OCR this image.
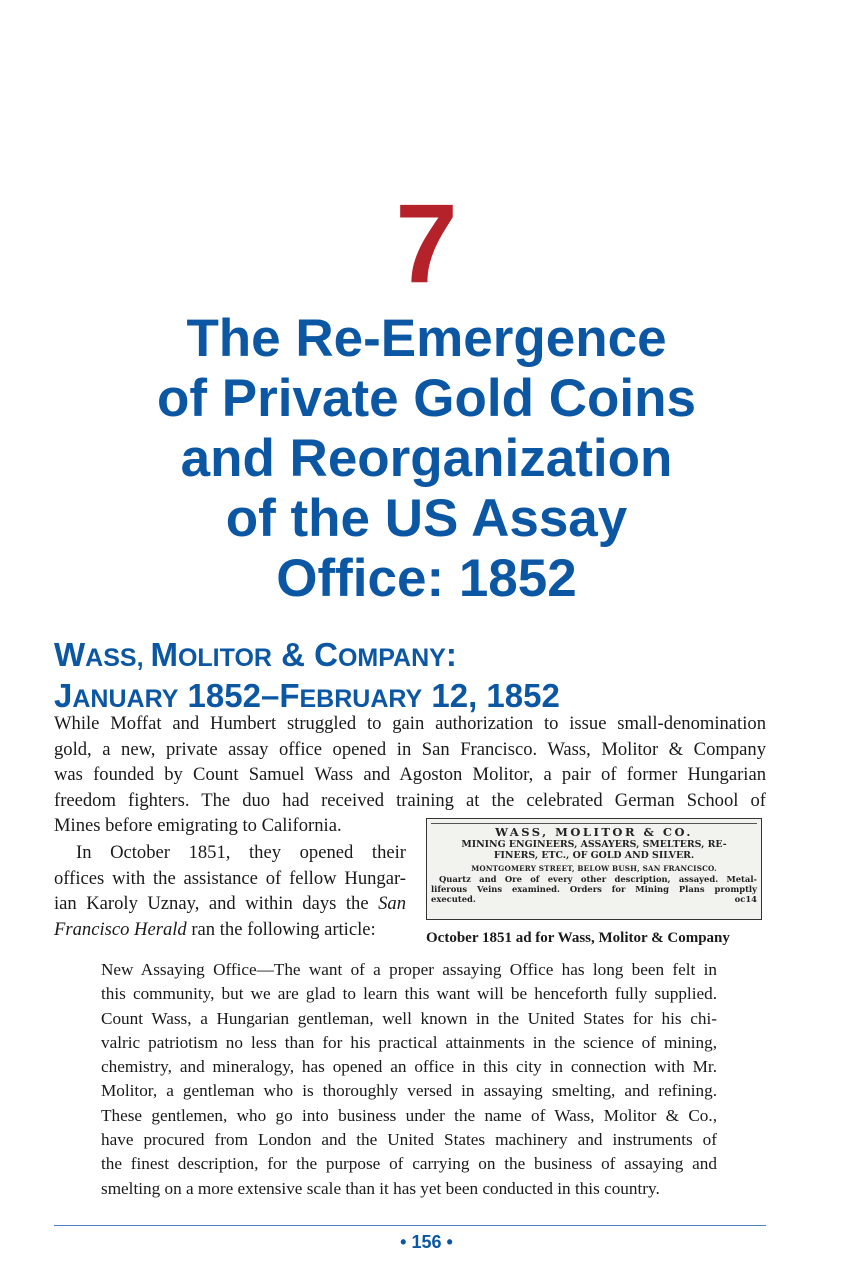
7
The Re-Emergence
of Private Gold Coins
and Reorganization
of the US Assay
Office: 1852
WASS, MOLITOR & COMPANY:
JANUARY 1852–FEBRUARY 12, 1852
While Moffat and Humbert struggled to gain authorization to issue small-denomination
gold, a new, private assay office opened in San Francisco. Wass, Molitor & Company
was founded by Count Samuel Wass and Agoston Molitor, a pair of former Hungarian
freedom fighters. The duo had received training at the celebrated German School of
Mines before emigrating to California.
In October 1851, they opened their
offices with the assistance of fellow Hungar-
ian Karoly Uznay, and within days the San
Francisco Herald ran the following article:
WASS, MOLITOR & CO.
MINING ENGINEERS, ASSAYERS, SMELTERS, RE-
FINERS, ETC., OF GOLD AND SILVER.
MONTGOMERY STREET, BELOW BUSH, SAN FRANCISCO.
Quartz and Ore of every other description, assayed. Metal-
liferous Veins examined. Orders for Mining Plans promptly
executed.	oc14
October 1851 ad for Wass, Molitor & Company
New Assaying Office—The want of a proper assaying Office has long been felt in
this community, but we are glad to learn this want will be henceforth fully supplied.
Count Wass, a Hungarian gentleman, well known in the United States for his chi-
valric patriotism no less than for his practical attainments in the science of mining,
chemistry, and mineralogy, has opened an office in this city in connection with Mr.
Molitor, a gentleman who is thoroughly versed in assaying smelting, and refining.
These gentlemen, who go into business under the name of Wass, Molitor & Co.,
have procured from London and the United States machinery and instruments of
the finest description, for the purpose of carrying on the business of assaying and
smelting on a more extensive scale than it has yet been conducted in this country.
• 156 •
